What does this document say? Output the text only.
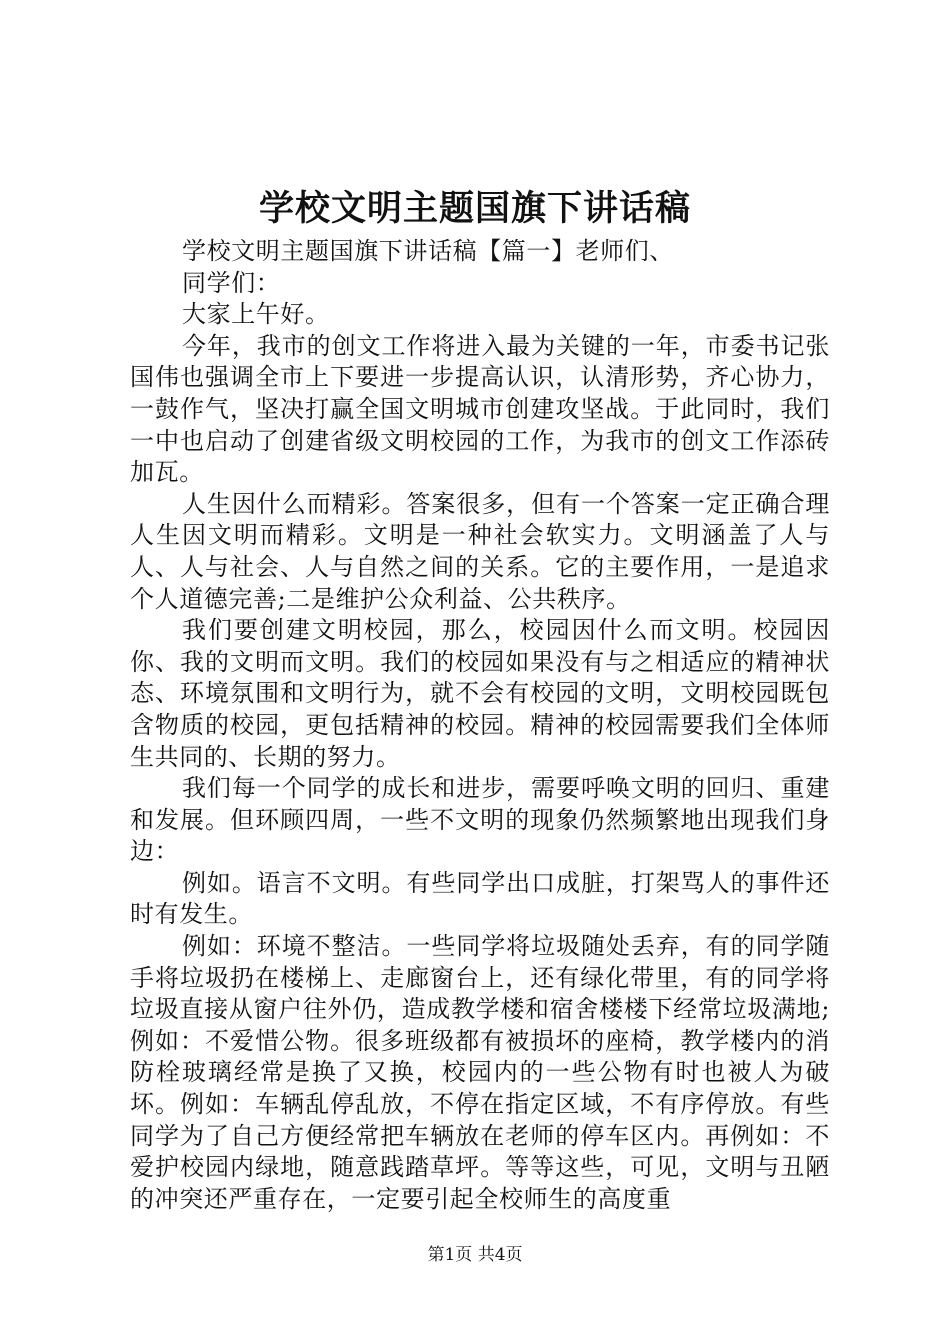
学校文明主题国旗下讲话稿

学校文明主题国旗下讲话稿【篇一】老师们、

同学们：

大家上午好。

今年，我市的创文工作将进入最为关键的一年，市委书记张国伟也强调全市上下要进一步提高认识，认清形势，齐心协力，一鼓作气，坚决打赢全国文明城市创建攻坚战。于此同时，我们一中也启动了创建省级文明校园的工作，为我市的创文工作添砖加瓦。

人生因什么而精彩。答案很多，但有一个答案一定正确合理人生因文明而精彩。文明是一种社会软实力。文明涵盖了人与人、人与社会、人与自然之间的关系。它的主要作用，一是追求个人道德完善;二是维护公众利益、公共秩序。

我们要创建文明校园，那么，校园因什么而文明。校园因你、我的文明而文明。我们的校园如果没有与之相适应的精神状态、环境氛围和文明行为，就不会有校园的文明，文明校园既包含物质的校园，更包括精神的校园。精神的校园需要我们全体师生共同的、长期的努力。

我们每一个同学的成长和进步，需要呼唤文明的回归、重建和发展。但环顾四周，一些不文明的现象仍然频繁地出现我们身边：

例如。语言不文明。有些同学出口成脏，打架骂人的事件还时有发生。

例如：环境不整洁。一些同学将垃圾随处丢弃，有的同学随手将垃圾扔在楼梯上、走廊窗台上，还有绿化带里，有的同学将垃圾直接从窗户往外仍，造成教学楼和宿舍楼楼下经常垃圾满地;例如：不爱惜公物。很多班级都有被损坏的座椅，教学楼内的消防栓玻璃经常是换了又换，校园内的一些公物有时也被人为破坏。例如：车辆乱停乱放，不停在指定区域，不有序停放。有些同学为了自己方便经常把车辆放在老师的停车区内。再例如：不爱护校园内绿地，随意践踏草坪。等等这些，可见，文明与丑陋的冲突还严重存在，一定要引起全校师生的高度重

第1页 共4页
